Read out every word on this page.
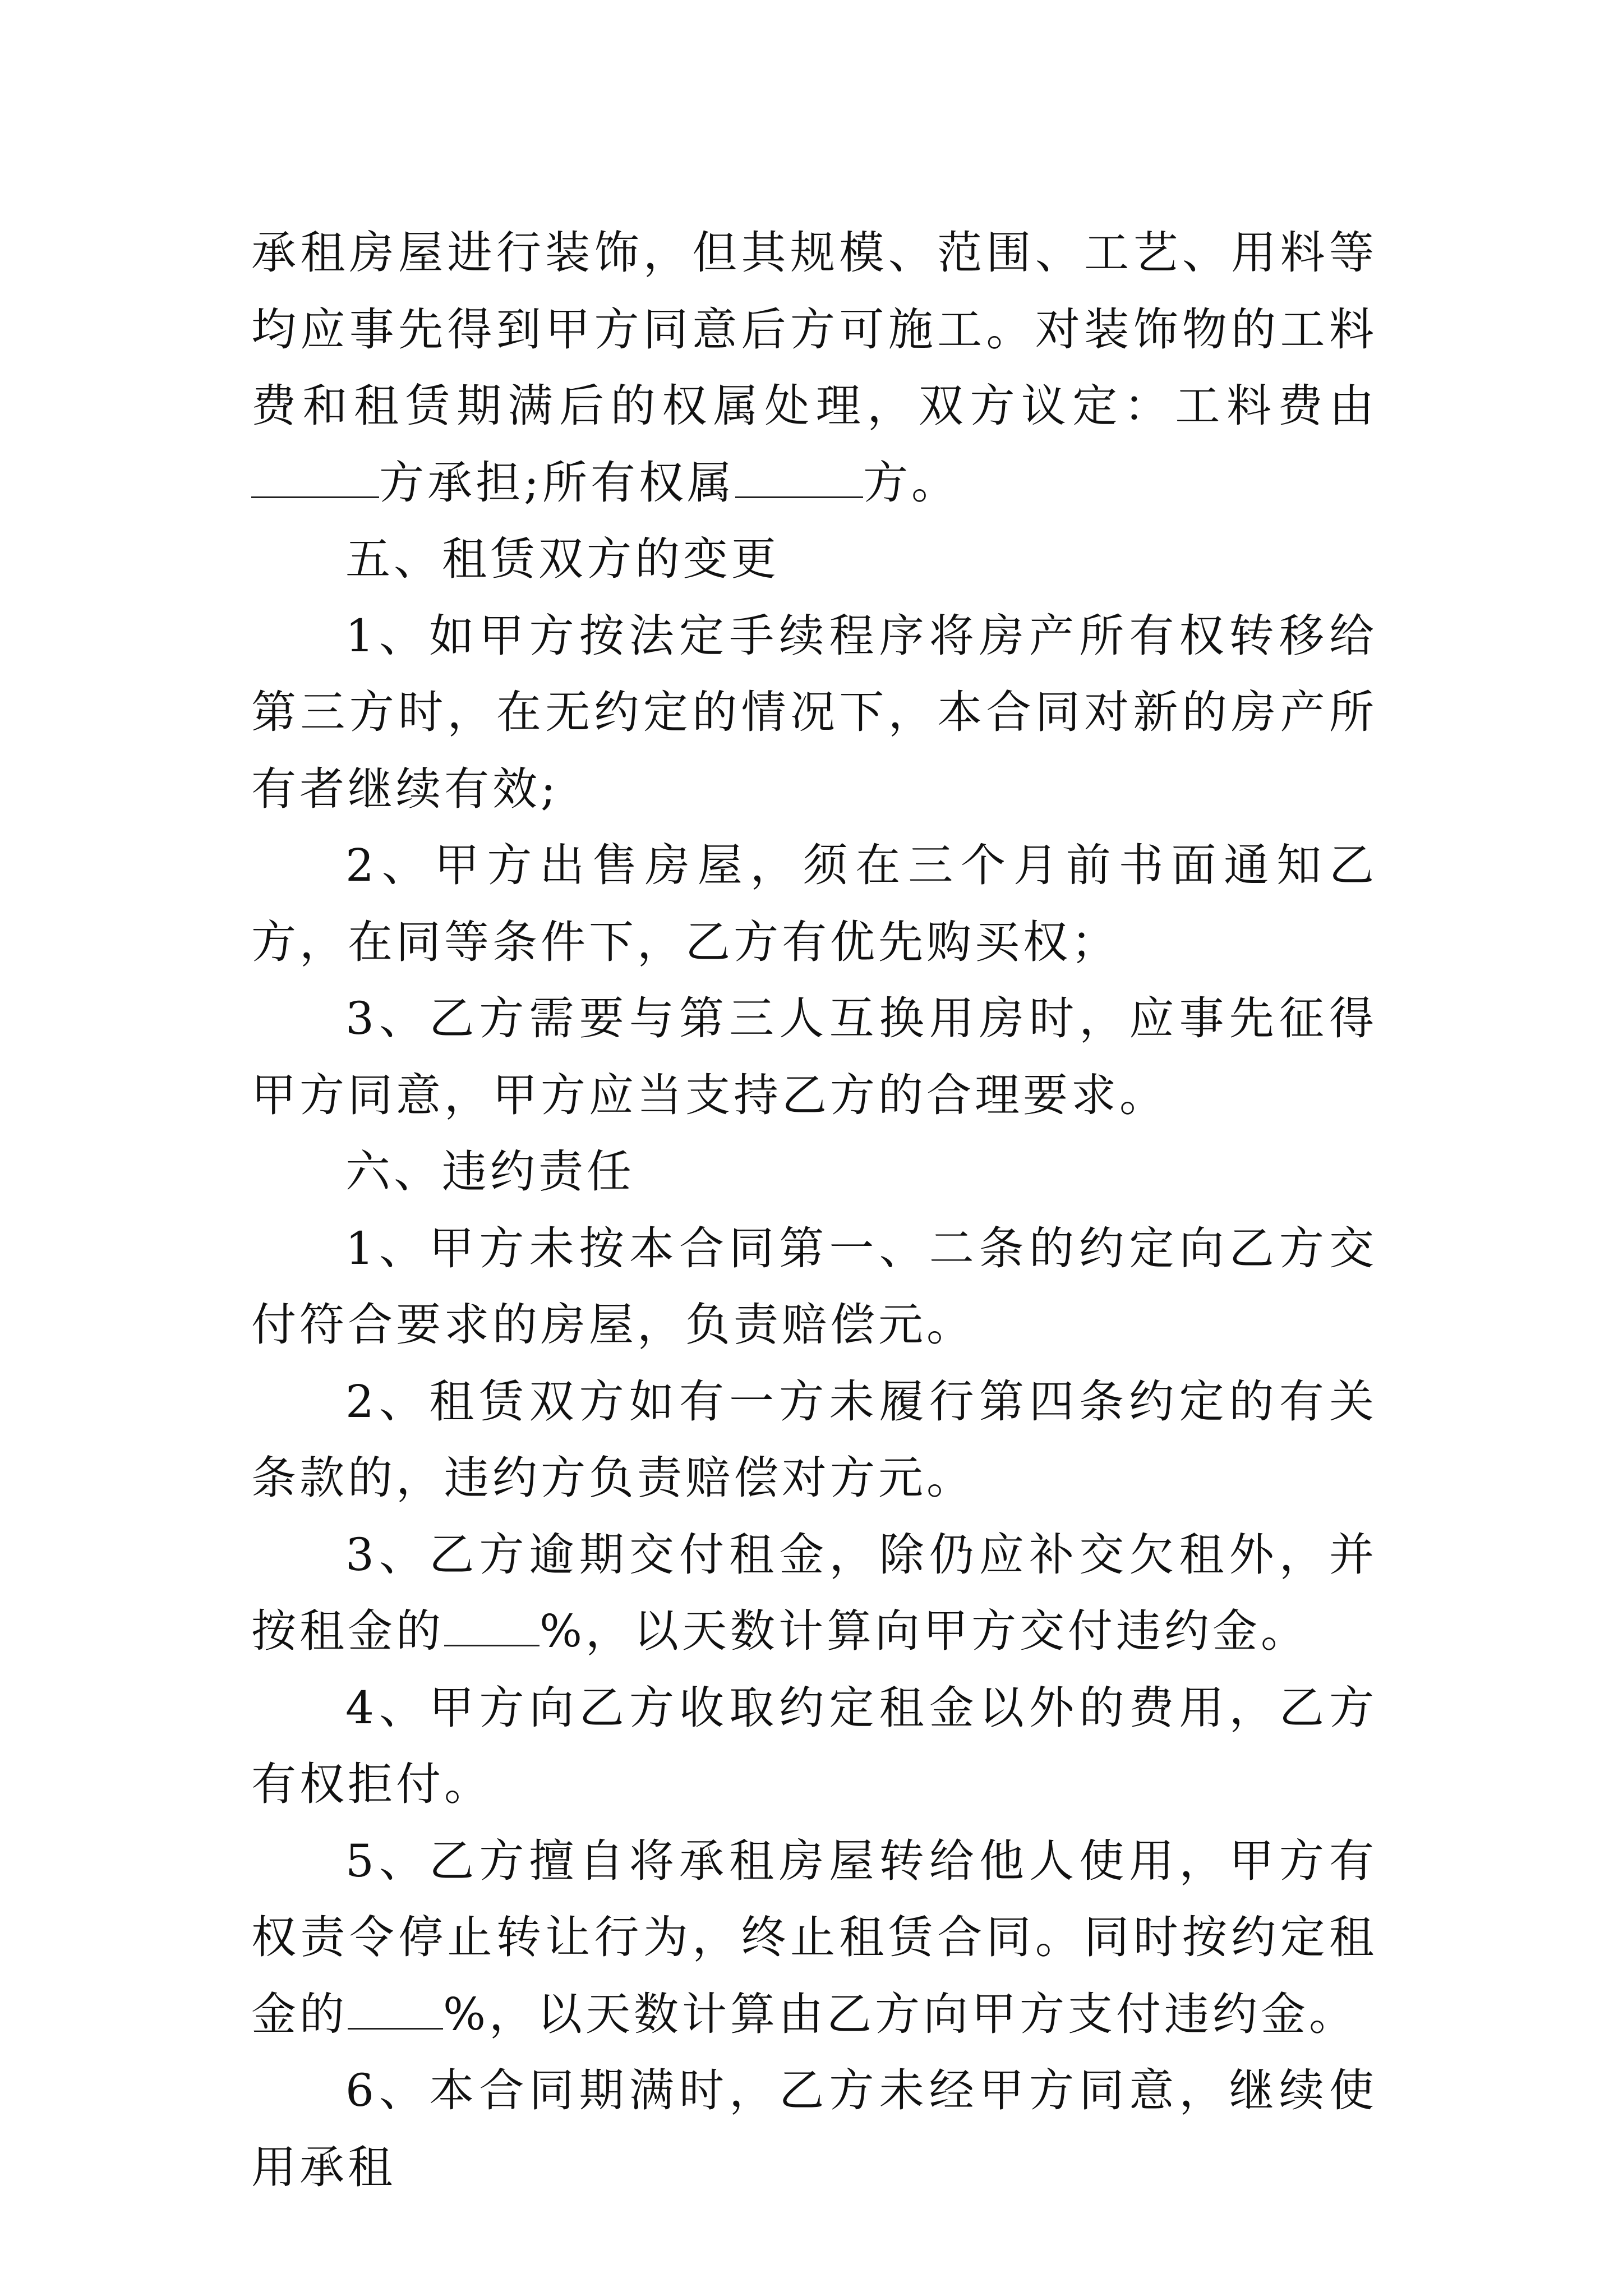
承租房屋进行装饰，但其规模、范围、工艺、用料等均应事先得到甲方同意后方可施工。对装饰物的工料费和租赁期满后的权属处理，双方议定：工料费由方承担;所有权属	方。

五、租赁双方的变更

1、如甲方按法定手续程序将房产所有权转移给第三方时，在无约定的情况下，本合同对新的房产所有者继续有效;

2、甲方出售房屋，须在三个月前书面通知乙方，在同等条件下，乙方有优先购买权；

3、乙方需要与第三人互换用房时，应事先征得甲方同意，甲方应当支持乙方的合理要求。

六、违约责任

1、甲方未按本合同第一、二条的约定向乙方交付符合要求的房屋，负责赔偿元。

2、租赁双方如有一方未履行第四条约定的有关条款的，违约方负责赔偿对方元。

3、乙方逾期交付租金，除仍应补交欠租外，并按租金的 %，以天数计算向甲方交付违约金。

4、甲方向乙方收取约定租金以外的费用，乙方有权拒付。

5、乙方擅自将承租房屋转给他人使用，甲方有权责令停止转让行为，终止租赁合同。同时按约定租金的 %，以天数计算由乙方向甲方支付违约金。

6、本合同期满时，乙方未经甲方同意，继续使用承租
